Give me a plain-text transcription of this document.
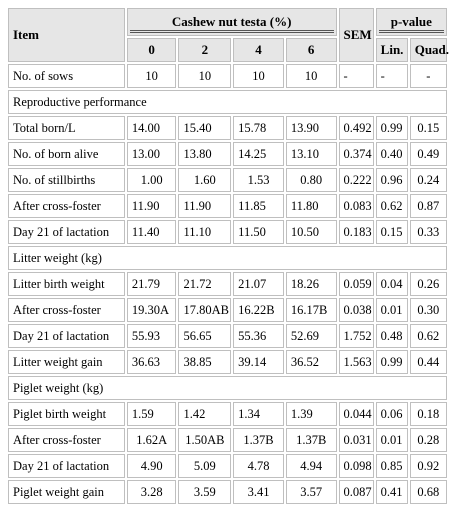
Item	Cashew nut testa (%)				SEM	p-value	
	0	2	4	6		Lin.	Quad.
No. of sows	10	10	10	10	-	-	-
Reproductive performance							
Total born/L	14.00	15.40	15.78	13.90	0.492	0.99	0.15
No. of born alive	13.00	13.80	14.25	13.10	0.374	0.40	0.49
No. of stillbirths	1.00	1.60	1.53	0.80	0.222	0.96	0.24
After cross-foster	11.90	11.90	11.85	11.80	0.083	0.62	0.87
Day 21 of lactation	11.40	11.10	11.50	10.50	0.183	0.15	0.33
Litter weight (kg)							
Litter birth weight	21.79	21.72	21.07	18.26	0.059	0.04	0.26
After cross-foster	19.30A	17.80AB	16.22B	16.17B	0.038	0.01	0.30
Day 21 of lactation	55.93	56.65	55.36	52.69	1.752	0.48	0.62
Litter weight gain	36.63	38.85	39.14	36.52	1.563	0.99	0.44
Piglet weight (kg)							
Piglet birth weight	1.59	1.42	1.34	1.39	0.044	0.06	0.18
After cross-foster	1.62A	1.50AB	1.37B	1.37B	0.031	0.01	0.28
Day 21 of lactation	4.90	5.09	4.78	4.94	0.098	0.85	0.92
Piglet weight gain	3.28	3.59	3.41	3.57	0.087	0.41	0.68
